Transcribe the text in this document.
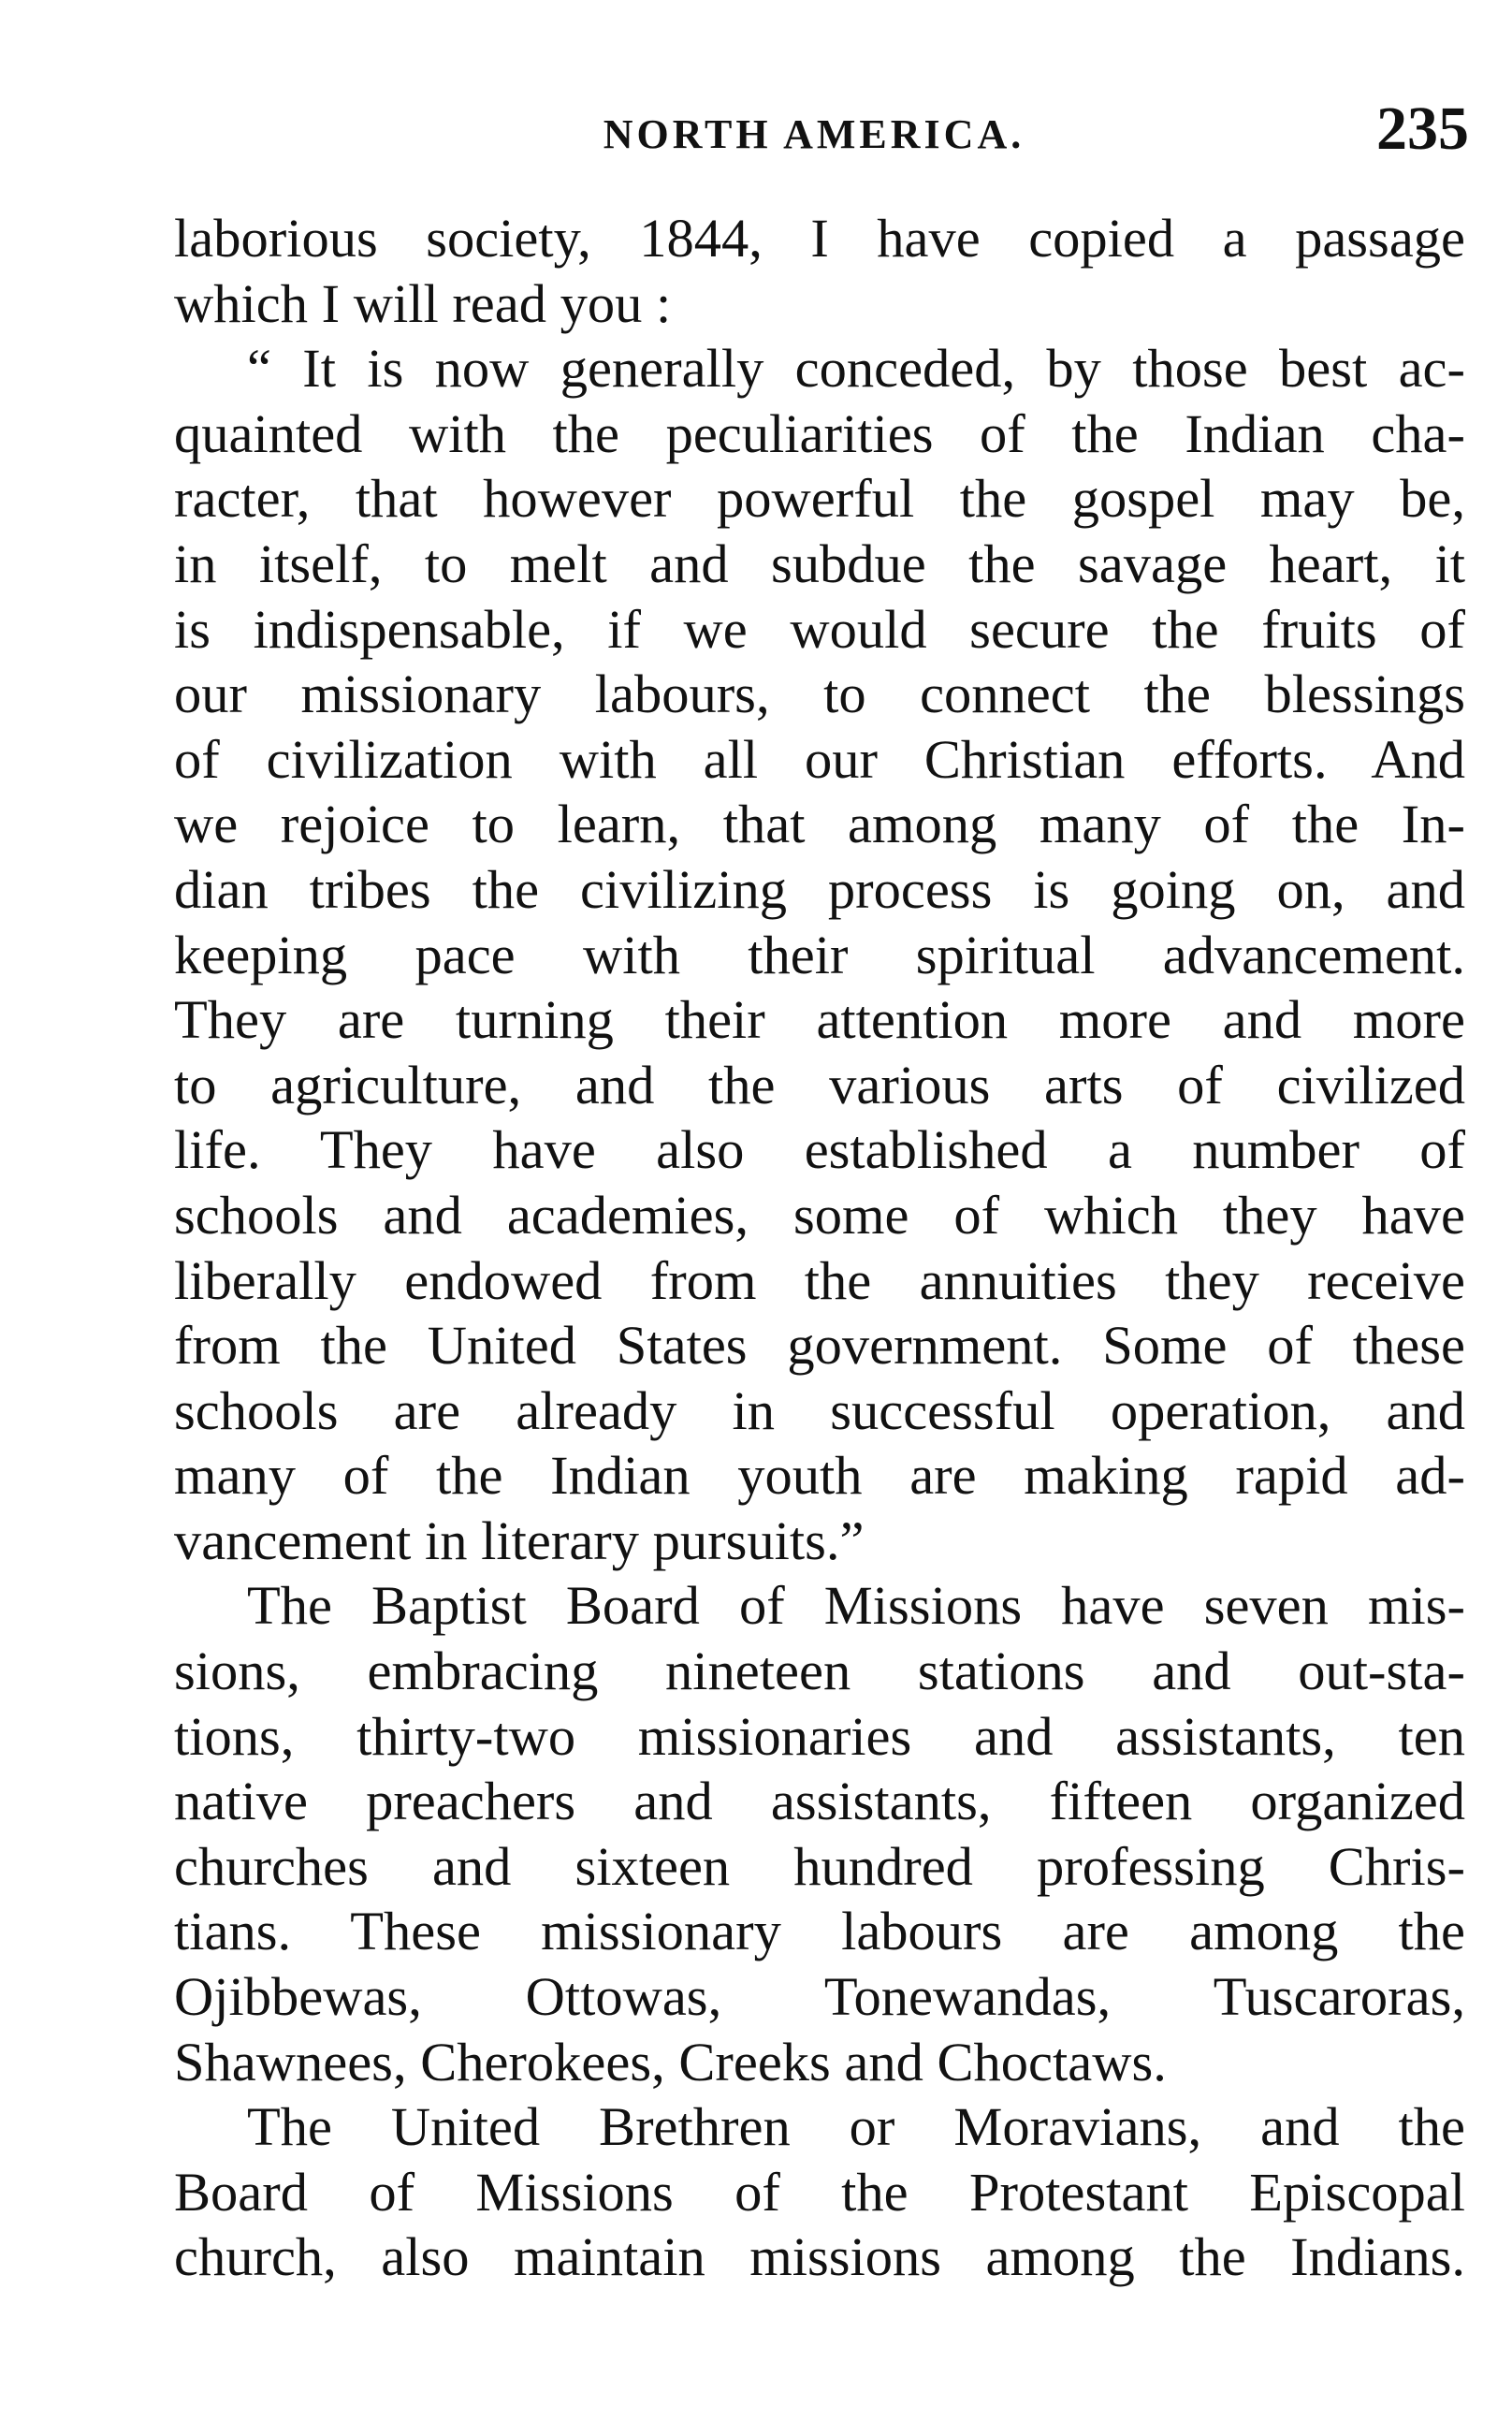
NORTH AMERICA.	235
laborious society, 1844, I have copied a passage
which I will read you :
“ It is now generally conceded, by those best ac-
quainted with the peculiarities of the Indian cha-
racter, that however powerful the gospel may be,
in itself, to melt and subdue the savage heart, it
is indispensable, if we would secure the fruits of
our missionary labours, to connect the blessings
of civilization with all our Christian efforts. And
we rejoice to learn, that among many of the In-
dian tribes the civilizing process is going on, and
keeping pace with their spiritual advancement.
They are turning their attention more and more
to agriculture, and the various arts of civilized
life. They have also established a number of
schools and academies, some of which they have
liberally endowed from the annuities they receive
from the United States government. Some of these
schools are already in successful operation, and
many of the Indian youth are making rapid ad-
vancement in literary pursuits.”
The Baptist Board of Missions have seven mis-
sions, embracing nineteen stations and out-sta-
tions, thirty-two missionaries and assistants, ten
native preachers and assistants, fifteen organized
churches and sixteen hundred professing Chris-
tians. These missionary labours are among the
Ojibbewas, Ottowas, Tonewandas, Tuscaroras,
Shawnees, Cherokees, Creeks and Choctaws.
The United Brethren or Moravians, and the
Board of Missions of the Protestant Episcopal
church, also maintain missions among the Indians.
